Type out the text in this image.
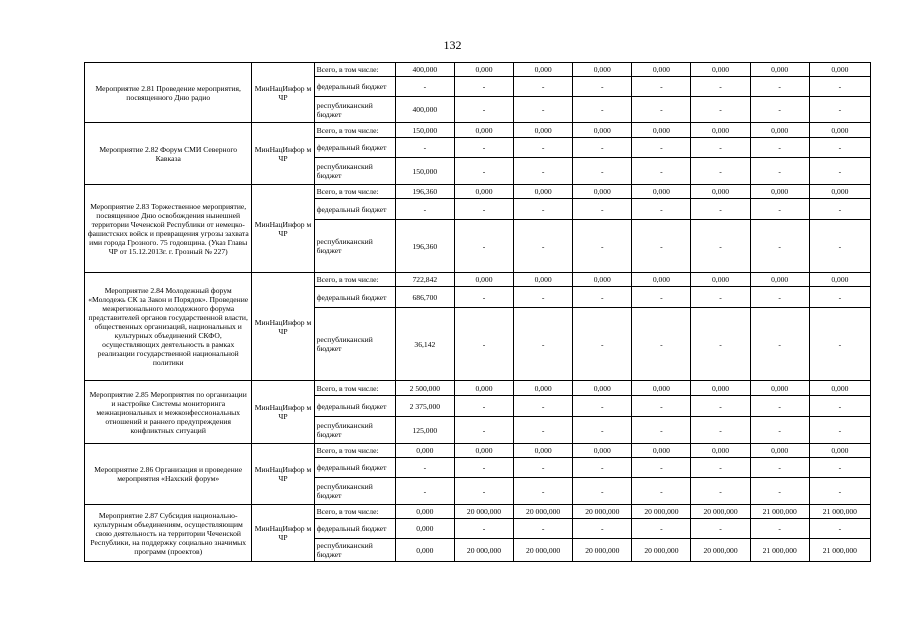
132
Мероприятие 2.81 Проведение мероприятия, посвященного Дню радио	МинНацИнфор м ЧР	Всего, в том числе:	400,000	0,000	0,000	0,000	0,000	0,000	0,000	0,000
		федеральный бюджет	-	-	-	-	-	-	-	-
		республиканский бюджет	400,000	-	-	-	-	-	-	-
Мероприятие 2.82 Форум СМИ Северного Кавказа	МинНацИнфор м ЧР	Всего, в том числе:	150,000	0,000	0,000	0,000	0,000	0,000	0,000	0,000
		федеральный бюджет	-	-	-	-	-	-	-	-
		республиканский бюджет	150,000	-	-	-	-	-	-	-
Мероприятие 2.83 Торжественное мероприятие, посвященное Дню освобождения нынешней территории Чеченской Республики от немецко-фашистских войск и превращения угрозы захвата ими города Грозного. 75 годовщина. (Указ Главы ЧР от 15.12.2013г. г. Грозный № 227)	МинНацИнфор м ЧР	Всего, в том числе:	196,360	0,000	0,000	0,000	0,000	0,000	0,000	0,000
		федеральный бюджет	-	-	-	-	-	-	-	-
		республиканский бюджет	196,360	-	-	-	-	-	-	-
Мероприятие 2.84 Молодежный форум «Молодежь СК за Закон и Порядок». Проведение межрегионального молодежного форума представителей органов государственной власти, общественных организаций, национальных и культурных объединений СКФО, осуществляющих деятельность в рамках реализации государственной национальной политики	МинНацИнфор м ЧР	Всего, в том числе:	722,842	0,000	0,000	0,000	0,000	0,000	0,000	0,000
		федеральный бюджет	686,700	-	-	-	-	-	-	-
		республиканский бюджет	36,142	-	-	-	-	-	-	-
Мероприятие 2.85 Мероприятия по организации и настройке Системы мониторинга межнациональных и межконфессиональных отношений и раннего предупреждения конфликтных ситуаций	МинНацИнфор м ЧР	Всего, в том числе:	2 500,000	0,000	0,000	0,000	0,000	0,000	0,000	0,000
		федеральный бюджет	2 375,000	-	-	-	-	-	-	-
		республиканский бюджет	125,000	-	-	-	-	-	-	-
Мероприятие 2.86 Организация и проведение мероприятия «Нахский форум»	МинНацИнфор м ЧР	Всего, в том числе:	0,000	0,000	0,000	0,000	0,000	0,000	0,000	0,000
		федеральный бюджет	-	-	-	-	-	-	-	-
		республиканский бюджет	-	-	-	-	-	-	-	-
Мероприятие 2.87 Субсидия национально-культурным объединениям, осуществляющим свою деятельность на территории Чеченской Республики, на поддержку социально значимых программ (проектов)	МинНацИнфор м ЧР	Всего, в том числе:	0,000	20 000,000	20 000,000	20 000,000	20 000,000	20 000,000	21 000,000	21 000,000
		федеральный бюджет	0,000	-	-	-	-	-	-	-
		республиканский бюджет	0,000	20 000,000	20 000,000	20 000,000	20 000,000	20 000,000	21 000,000	21 000,000
